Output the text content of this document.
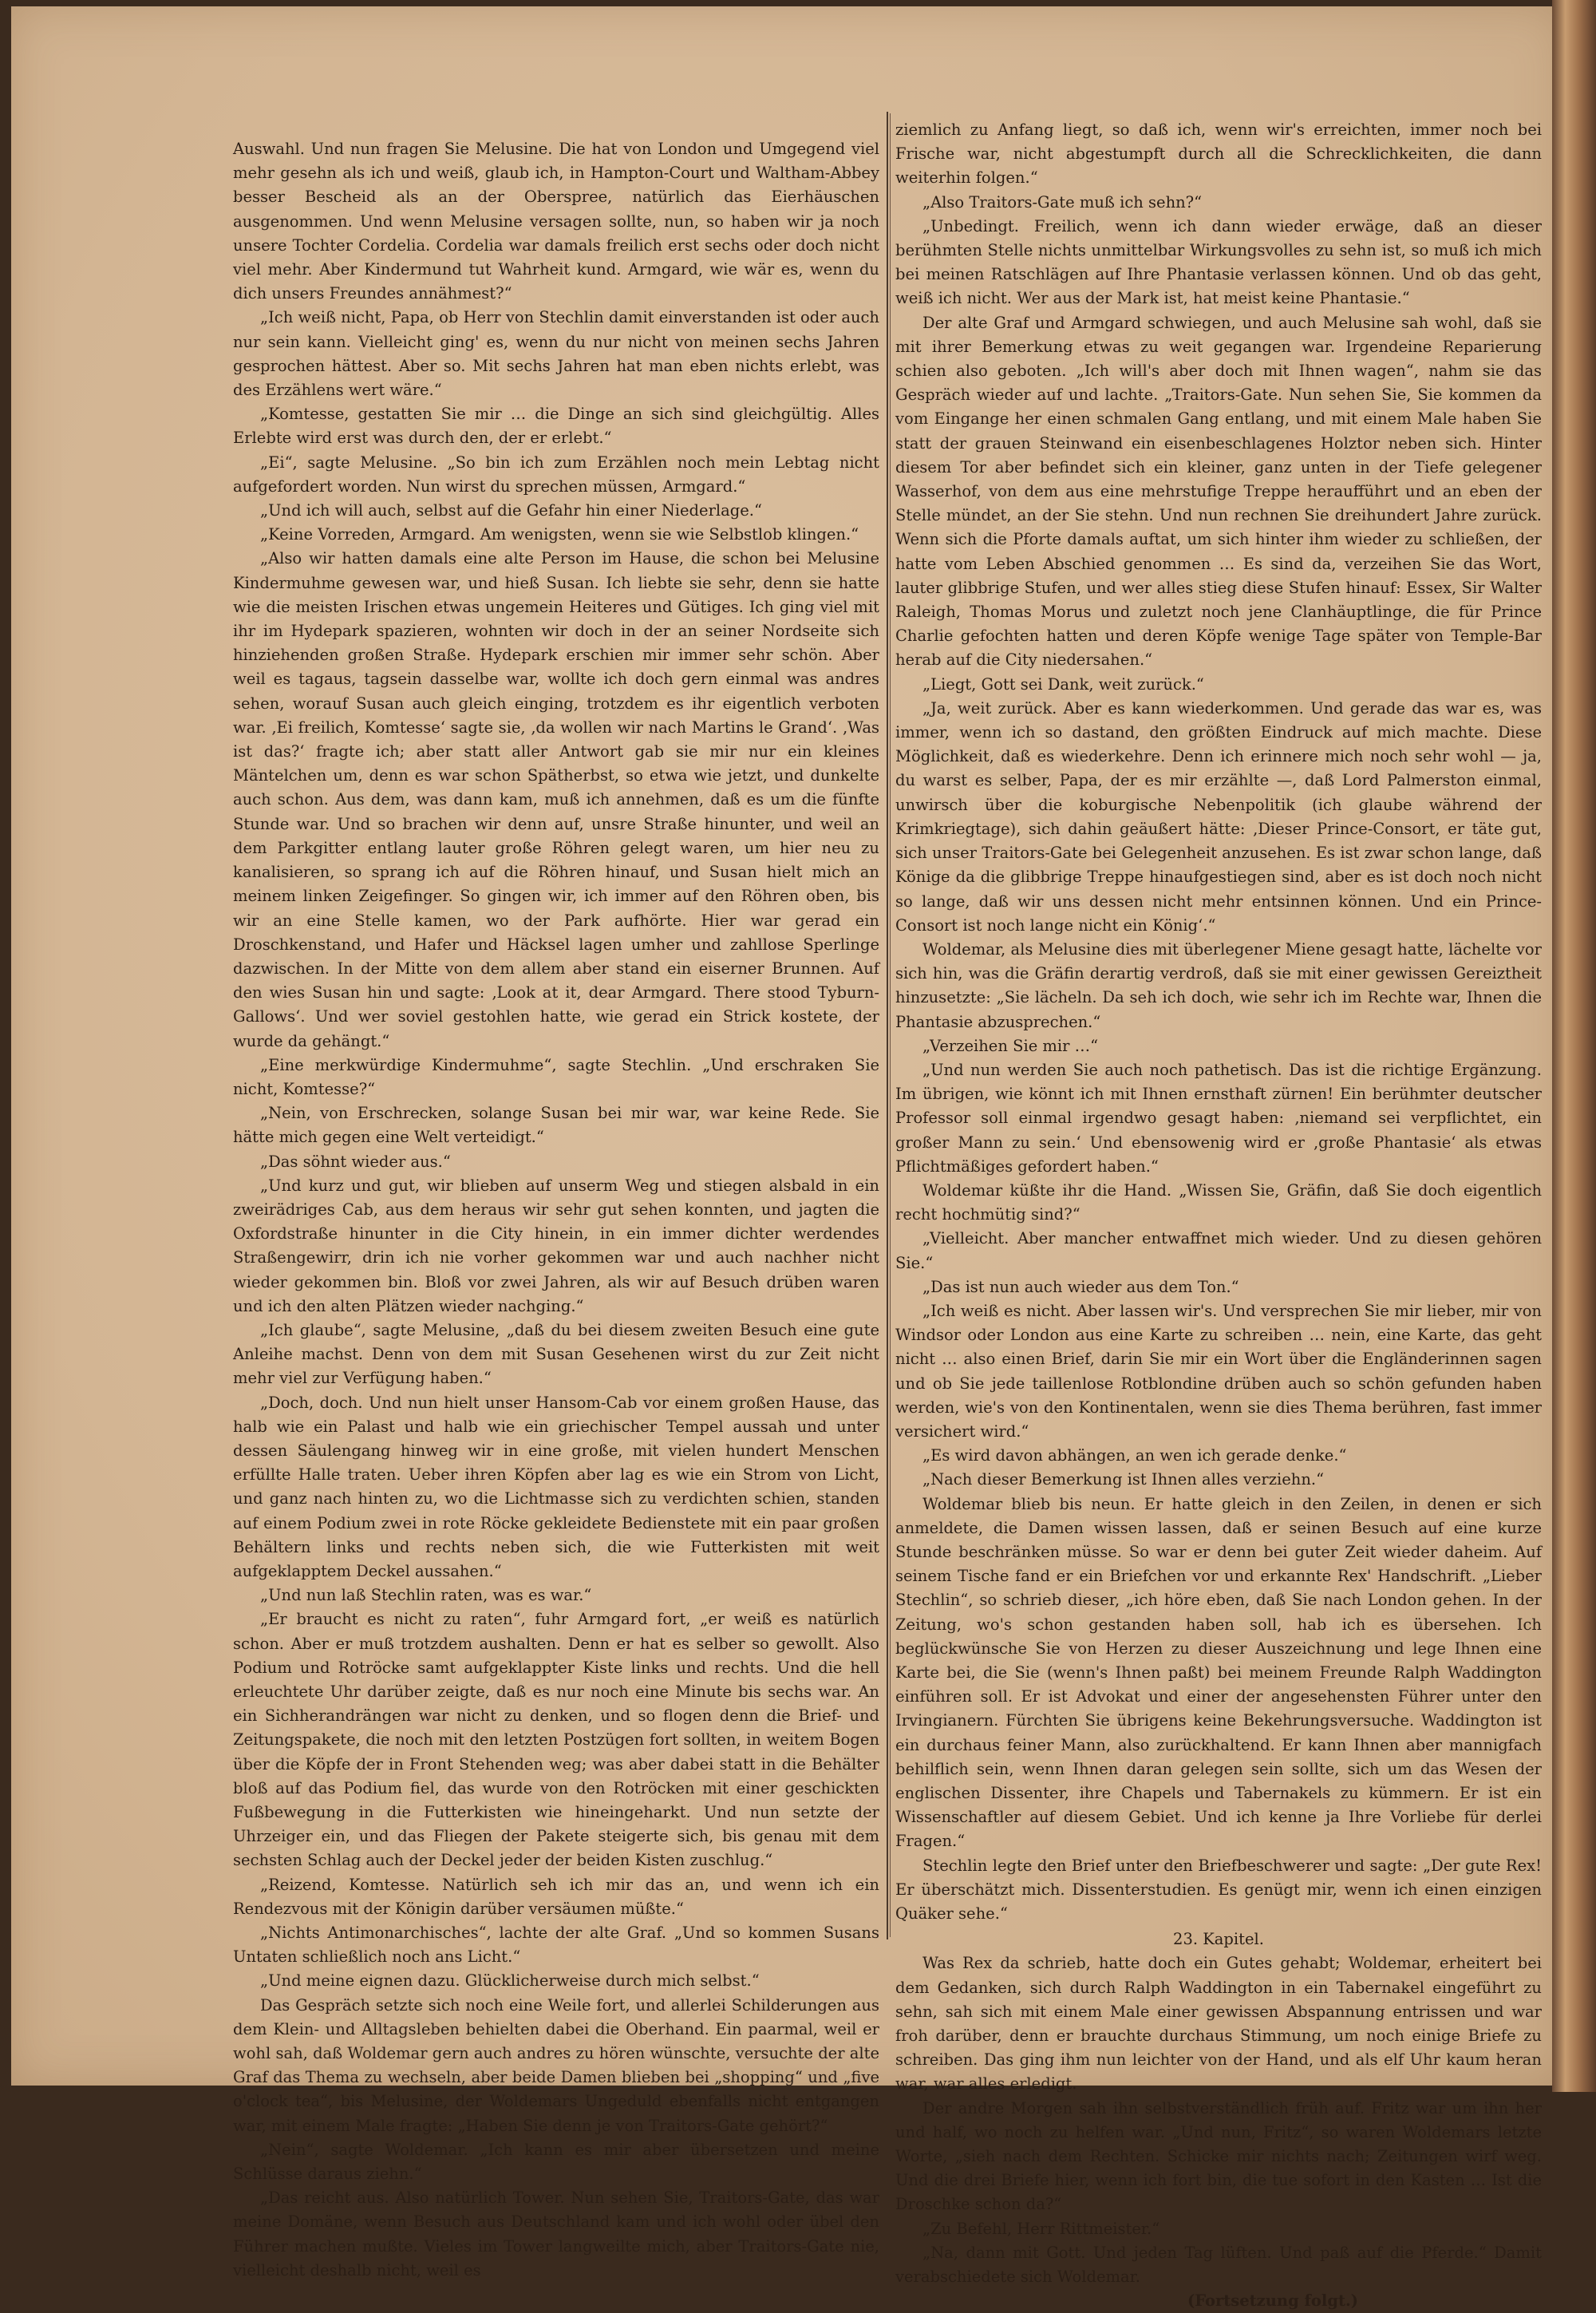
Auswahl. Und nun fragen Sie Melusine. Die hat von London und Umgegend viel mehr gesehn als ich und weiß, glaub ich, in Hampton-Court und Waltham-Abbey besser Bescheid als an der Oberspree, natürlich das Eierhäuschen ausgenommen. Und wenn Melusine versagen sollte, nun, so haben wir ja noch unsere Tochter Cordelia. Cordelia war damals freilich erst sechs oder doch nicht viel mehr. Aber Kindermund tut Wahrheit kund. Armgard, wie wär es, wenn du dich unsers Freundes annähmest?“

„Ich weiß nicht, Papa, ob Herr von Stechlin damit einverstanden ist oder auch nur sein kann. Vielleicht ging' es, wenn du nur nicht von meinen sechs Jahren gesprochen hättest. Aber so. Mit sechs Jahren hat man eben nichts erlebt, was des Erzählens wert wäre.“

„Komtesse, gestatten Sie mir … die Dinge an sich sind gleichgültig. Alles Erlebte wird erst was durch den, der er erlebt.“

„Ei“, sagte Melusine. „So bin ich zum Erzählen noch mein Lebtag nicht aufgefordert worden. Nun wirst du sprechen müssen, Armgard.“

„Und ich will auch, selbst auf die Gefahr hin einer Niederlage.“

„Keine Vorreden, Armgard. Am wenigsten, wenn sie wie Selbstlob klingen.“

„Also wir hatten damals eine alte Person im Hause, die schon bei Melusine Kindermuhme gewesen war, und hieß Susan. Ich liebte sie sehr, denn sie hatte wie die meisten Irischen etwas ungemein Heiteres und Gütiges. Ich ging viel mit ihr im Hydepark spazieren, wohnten wir doch in der an seiner Nordseite sich hinziehenden großen Straße. Hydepark erschien mir immer sehr schön. Aber weil es tagaus, tagsein dasselbe war, wollte ich doch gern einmal was andres sehen, worauf Susan auch gleich einging, trotzdem es ihr eigentlich verboten war. ‚Ei freilich, Komtesse‘ sagte sie, ‚da wollen wir nach Martins le Grand‘. ‚Was ist das?‘ fragte ich; aber statt aller Antwort gab sie mir nur ein kleines Mäntelchen um, denn es war schon Spätherbst, so etwa wie jetzt, und dunkelte auch schon. Aus dem, was dann kam, muß ich annehmen, daß es um die fünfte Stunde war. Und so brachen wir denn auf, unsre Straße hinunter, und weil an dem Parkgitter entlang lauter große Röhren gelegt waren, um hier neu zu kanalisieren, so sprang ich auf die Röhren hinauf, und Susan hielt mich an meinem linken Zeigefinger. So gingen wir, ich immer auf den Röhren oben, bis wir an eine Stelle kamen, wo der Park aufhörte. Hier war gerad ein Droschkenstand, und Hafer und Häcksel lagen umher und zahllose Sperlinge dazwischen. In der Mitte von dem allem aber stand ein eiserner Brunnen. Auf den wies Susan hin und sagte: ‚Look at it, dear Armgard. There stood Tyburn-Gallows‘. Und wer soviel gestohlen hatte, wie gerad ein Strick kostete, der wurde da gehängt.“

„Eine merkwürdige Kindermuhme“, sagte Stechlin. „Und erschraken Sie nicht, Komtesse?“

„Nein, von Erschrecken, solange Susan bei mir war, war keine Rede. Sie hätte mich gegen eine Welt verteidigt.“

„Das söhnt wieder aus.“

„Und kurz und gut, wir blieben auf unserm Weg und stiegen alsbald in ein zweirädriges Cab, aus dem heraus wir sehr gut sehen konnten, und jagten die Oxfordstraße hinunter in die City hinein, in ein immer dichter werdendes Straßengewirr, drin ich nie vorher gekommen war und auch nachher nicht wieder gekommen bin. Bloß vor zwei Jahren, als wir auf Besuch drüben waren und ich den alten Plätzen wieder nachging.“

„Ich glaube“, sagte Melusine, „daß du bei diesem zweiten Besuch eine gute Anleihe machst. Denn von dem mit Susan Gesehenen wirst du zur Zeit nicht mehr viel zur Verfügung haben.“

„Doch, doch. Und nun hielt unser Hansom-Cab vor einem großen Hause, das halb wie ein Palast und halb wie ein griechischer Tempel aussah und unter dessen Säulengang hinweg wir in eine große, mit vielen hundert Menschen erfüllte Halle traten. Ueber ihren Köpfen aber lag es wie ein Strom von Licht, und ganz nach hinten zu, wo die Lichtmasse sich zu verdichten schien, standen auf einem Podium zwei in rote Röcke gekleidete Bedienstete mit ein paar großen Behältern links und rechts neben sich, die wie Futterkisten mit weit aufgeklapptem Deckel aussahen.“

„Und nun laß Stechlin raten, was es war.“

„Er braucht es nicht zu raten“, fuhr Armgard fort, „er weiß es natürlich schon. Aber er muß trotzdem aushalten. Denn er hat es selber so gewollt. Also Podium und Rotröcke samt aufgeklappter Kiste links und rechts. Und die hell erleuchtete Uhr darüber zeigte, daß es nur noch eine Minute bis sechs war. An ein Sichherandrängen war nicht zu denken, und so flogen denn die Brief- und Zeitungspakete, die noch mit den letzten Postzügen fort sollten, in weitem Bogen über die Köpfe der in Front Stehenden weg; was aber dabei statt in die Behälter bloß auf das Podium fiel, das wurde von den Rotröcken mit einer geschickten Fußbewegung in die Futterkisten wie hineingeharkt. Und nun setzte der Uhrzeiger ein, und das Fliegen der Pakete steigerte sich, bis genau mit dem sechsten Schlag auch der Deckel jeder der beiden Kisten zuschlug.“

„Reizend, Komtesse. Natürlich seh ich mir das an, und wenn ich ein Rendezvous mit der Königin darüber versäumen müßte.“

„Nichts Antimonarchisches“, lachte der alte Graf. „Und so kommen Susans Untaten schließlich noch ans Licht.“

„Und meine eignen dazu. Glücklicherweise durch mich selbst.“

Das Gespräch setzte sich noch eine Weile fort, und allerlei Schilderungen aus dem Klein- und Alltagsleben behielten dabei die Oberhand. Ein paarmal, weil er wohl sah, daß Woldemar gern auch andres zu hören wünschte, versuchte der alte Graf das Thema zu wechseln, aber beide Damen blieben bei „shopping“ und „five o'clock tea“, bis Melusine, der Woldemars Ungeduld ebenfalls nicht entgangen war, mit einem Male fragte: „Haben Sie denn je von Traitors-Gate gehört?“

„Nein“, sagte Woldemar. „Ich kann es mir aber übersetzen und meine Schlüsse daraus ziehn.“

„Das reicht aus. Also natürlich Tower. Nun sehen Sie, Traitors-Gate, das war meine Domäne, wenn Besuch aus Deutschland kam und ich wohl oder übel den Führer machen mußte. Vieles im Tower langweilte mich, aber Traitors-Gate nie, vielleicht deshalb nicht, weil es

ziemlich zu Anfang liegt, so daß ich, wenn wir's erreichten, immer noch bei Frische war, nicht abgestumpft durch all die Schrecklichkeiten, die dann weiterhin folgen.“

„Also Traitors-Gate muß ich sehn?“

„Unbedingt. Freilich, wenn ich dann wieder erwäge, daß an dieser berühmten Stelle nichts unmittelbar Wirkungsvolles zu sehn ist, so muß ich mich bei meinen Ratschlägen auf Ihre Phantasie verlassen können. Und ob das geht, weiß ich nicht. Wer aus der Mark ist, hat meist keine Phantasie.“

Der alte Graf und Armgard schwiegen, und auch Melusine sah wohl, daß sie mit ihrer Bemerkung etwas zu weit gegangen war. Irgendeine Reparierung schien also geboten. „Ich will's aber doch mit Ihnen wagen“, nahm sie das Gespräch wieder auf und lachte. „Traitors-Gate. Nun sehen Sie, Sie kommen da vom Eingange her einen schmalen Gang entlang, und mit einem Male haben Sie statt der grauen Steinwand ein eisenbeschlagenes Holztor neben sich. Hinter diesem Tor aber befindet sich ein kleiner, ganz unten in der Tiefe gelegener Wasserhof, von dem aus eine mehrstufige Treppe heraufführt und an eben der Stelle mündet, an der Sie stehn. Und nun rechnen Sie dreihundert Jahre zurück. Wenn sich die Pforte damals auftat, um sich hinter ihm wieder zu schließen, der hatte vom Leben Abschied genommen … Es sind da, verzeihen Sie das Wort, lauter glibbrige Stufen, und wer alles stieg diese Stufen hinauf: Essex, Sir Walter Raleigh, Thomas Morus und zuletzt noch jene Clanhäuptlinge, die für Prince Charlie gefochten hatten und deren Köpfe wenige Tage später von Temple-Bar herab auf die City niedersahen.“

„Liegt, Gott sei Dank, weit zurück.“

„Ja, weit zurück. Aber es kann wiederkommen. Und gerade das war es, was immer, wenn ich so dastand, den größten Eindruck auf mich machte. Diese Möglichkeit, daß es wiederkehre. Denn ich erinnere mich noch sehr wohl — ja, du warst es selber, Papa, der es mir erzählte —, daß Lord Palmerston einmal, unwirsch über die koburgische Nebenpolitik (ich glaube während der Krimkriegtage), sich dahin geäußert hätte: ‚Dieser Prince-Consort, er täte gut, sich unser Traitors-Gate bei Gelegenheit anzusehen. Es ist zwar schon lange, daß Könige da die glibbrige Treppe hinaufgestiegen sind, aber es ist doch noch nicht so lange, daß wir uns dessen nicht mehr entsinnen können. Und ein Prince-Consort ist noch lange nicht ein König‘.“

Woldemar, als Melusine dies mit überlegener Miene gesagt hatte, lächelte vor sich hin, was die Gräfin derartig verdroß, daß sie mit einer gewissen Gereiztheit hinzusetzte: „Sie lächeln. Da seh ich doch, wie sehr ich im Rechte war, Ihnen die Phantasie abzusprechen.“

„Verzeihen Sie mir …“

„Und nun werden Sie auch noch pathetisch. Das ist die richtige Ergänzung. Im übrigen, wie könnt ich mit Ihnen ernsthaft zürnen! Ein berühmter deutscher Professor soll einmal irgendwo gesagt haben: ‚niemand sei verpflichtet, ein großer Mann zu sein.‘ Und ebensowenig wird er ‚große Phantasie‘ als etwas Pflichtmäßiges gefordert haben.“

Woldemar küßte ihr die Hand. „Wissen Sie, Gräfin, daß Sie doch eigentlich recht hochmütig sind?“

„Vielleicht. Aber mancher entwaffnet mich wieder. Und zu diesen gehören Sie.“

„Das ist nun auch wieder aus dem Ton.“

„Ich weiß es nicht. Aber lassen wir's. Und versprechen Sie mir lieber, mir von Windsor oder London aus eine Karte zu schreiben … nein, eine Karte, das geht nicht … also einen Brief, darin Sie mir ein Wort über die Engländerinnen sagen und ob Sie jede taillenlose Rotblondine drüben auch so schön gefunden haben werden, wie's von den Kontinentalen, wenn sie dies Thema berühren, fast immer versichert wird.“

„Es wird davon abhängen, an wen ich gerade denke.“

„Nach dieser Bemerkung ist Ihnen alles verziehn.“

Woldemar blieb bis neun. Er hatte gleich in den Zeilen, in denen er sich anmeldete, die Damen wissen lassen, daß er seinen Besuch auf eine kurze Stunde beschränken müsse. So war er denn bei guter Zeit wieder daheim. Auf seinem Tische fand er ein Briefchen vor und erkannte Rex' Handschrift. „Lieber Stechlin“, so schrieb dieser, „ich höre eben, daß Sie nach London gehen. In der Zeitung, wo's schon gestanden haben soll, hab ich es übersehen. Ich beglückwünsche Sie von Herzen zu dieser Auszeichnung und lege Ihnen eine Karte bei, die Sie (wenn's Ihnen paßt) bei meinem Freunde Ralph Waddington einführen soll. Er ist Advokat und einer der angesehensten Führer unter den Irvingianern. Fürchten Sie übrigens keine Bekehrungsversuche. Waddington ist ein durchaus feiner Mann, also zurückhaltend. Er kann Ihnen aber mannigfach behilflich sein, wenn Ihnen daran gelegen sein sollte, sich um das Wesen der englischen Dissenter, ihre Chapels und Tabernakels zu kümmern. Er ist ein Wissenschaftler auf diesem Gebiet. Und ich kenne ja Ihre Vorliebe für derlei Fragen.“

Stechlin legte den Brief unter den Briefbeschwerer und sagte: „Der gute Rex! Er überschätzt mich. Dissenterstudien. Es genügt mir, wenn ich einen einzigen Quäker sehe.“

23. Kapitel.

Was Rex da schrieb, hatte doch ein Gutes gehabt; Woldemar, erheitert bei dem Gedanken, sich durch Ralph Waddington in ein Tabernakel eingeführt zu sehn, sah sich mit einem Male einer gewissen Abspannung entrissen und war froh darüber, denn er brauchte durchaus Stimmung, um noch einige Briefe zu schreiben. Das ging ihm nun leichter von der Hand, und als elf Uhr kaum heran war, war alles erledigt.

Der andre Morgen sah ihn selbstverständlich früh auf. Fritz war um ihn her und half, wo noch zu helfen war. „Und nun, Fritz“, so waren Woldemars letzte Worte, „sieh nach dem Rechten. Schicke mir nichts nach; Zeitungen wirf weg. Und die drei Briefe hier, wenn ich fort bin, die tue sofort in den Kasten … Ist die Droschke schon da?“

„Zu Befehl, Herr Rittmeister.“

„Na, dann mit Gott. Und jeden Tag lüften. Und paß auf die Pferde.“ Damit verabschiedete sich Woldemar.

(Fortsetzung folgt.)
